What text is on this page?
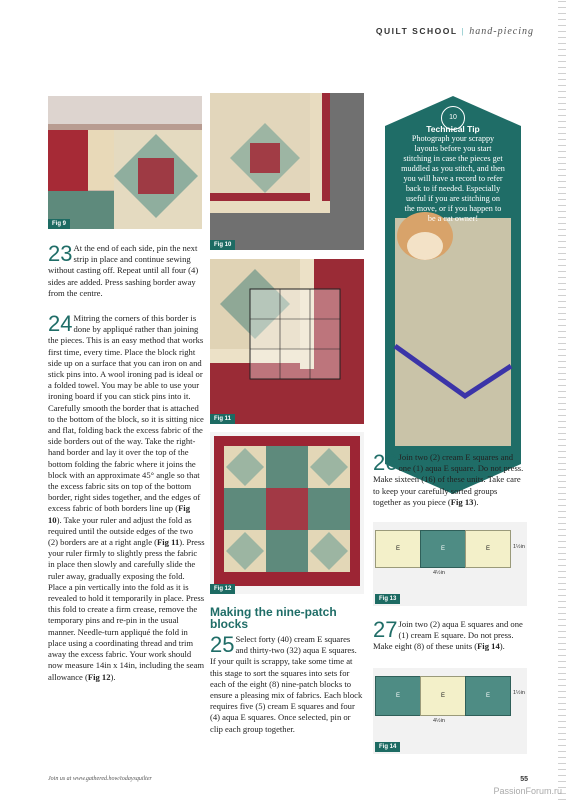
QUILT SCHOOL | hand-piecing
Fig 9
Fig 10
Fig 11
Fig 12

23 At the end of each side, pin the next strip in place and continue sewing without casting off. Repeat until all four (4) sides are added. Press sashing border away from the centre.

24 Mitring the corners of this border is done by appliqué rather than joining the pieces. This is an easy method that works first time, every time. Place the block right side up on a surface that you can iron on and stick pins into. A wool ironing pad is ideal or a folded towel. You may be able to use your ironing board if you can stick pins into it. Carefully smooth the border that is attached to the bottom of the block, so it is sitting nice and flat, folding back the excess fabric of the side borders out of the way. Take the right-hand border and lay it over the top of the bottom folding the fabric where it joins the block with an approximate 45° angle so that the excess fabric sits on top of the bottom border, right sides together, and the edges of excess fabric of both borders line up (Fig 10). Take your ruler and adjust the fold as required until the outside edges of the two (2) borders are at a right angle (Fig 11). Press your ruler firmly to slightly press the fabric in place then slowly and carefully slide the ruler away, gradually exposing the fold. Place a pin vertically into the fold as it is revealed to hold it temporarily in place. Press this fold to create a firm crease, remove the temporary pins and re-pin in the usual manner. Needle-turn appliqué the fold in place using a coordinating thread and trim away the excess fabric. Your work should now measure 14in x 14in, including the seam allowance (Fig 12).

Making the nine-patch blocks

25 Select forty (40) cream E squares and thirty-two (32) aqua E squares. If your quilt is scrappy, take some time at this stage to sort the squares into sets for each of the eight (8) nine-patch blocks to ensure a pleasing mix of fabrics. Each block requires five (5) cream E squares and four (4) aqua E squares. Once selected, pin or clip each group together.

10
Technical Tip
Photograph your scrappy layouts before you start stitching in case the pieces get muddled as you stitch, and then you will have a record to refer back to if needed. Especially useful if you are stitching on the move, or if you happen to be a cat owner!

26 Join two (2) cream E squares and one (1) aqua E square. Do not press. Make sixteen (16) of these units. Take care to keep your carefully sorted groups together as you piece (Fig 13).

E	E	E	1½in
4½in
Fig 13

27 Join two (2) aqua E squares and one (1) cream E square. Do not press. Make eight (8) of these units (Fig 14).

E	E	E	1½in
4½in
Fig 14
Join us at www.gathered.how/todaysquilter	55
PassionForum.ru
